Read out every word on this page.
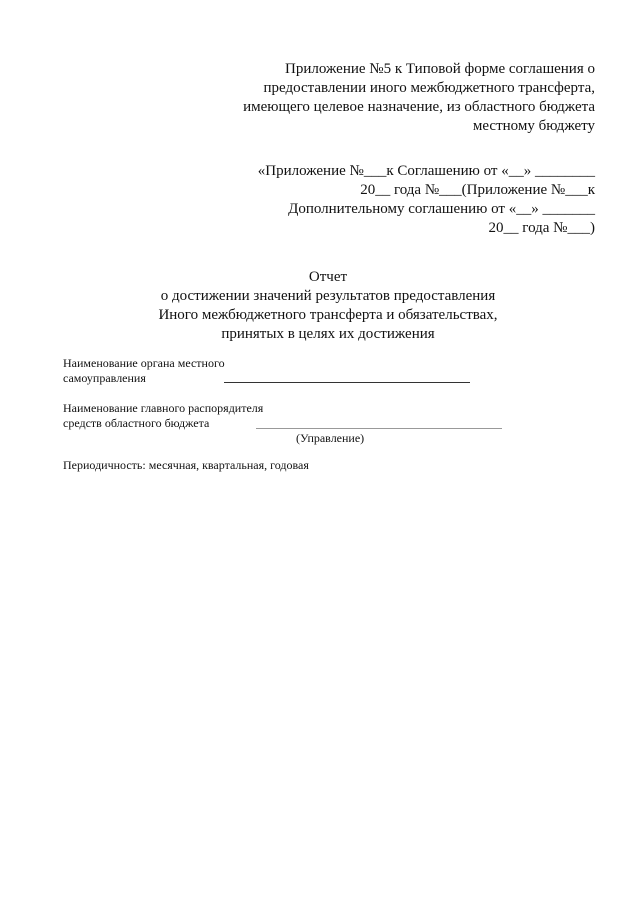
Приложение №5 к Типовой форме соглашения о
предоставлении иного межбюджетного трансферта,
имеющего целевое назначение, из областного бюджета
местному бюджету
«Приложение №___к Соглашению от «__» ________
20__ года №___(Приложение №___к
Дополнительному соглашению от «__» _______
20__ года №___)
Отчет
о достижении значений результатов предоставления
Иного межбюджетного трансферта и обязательствах,
принятых в целях их достижения
Наименование органа местного
самоуправления
Наименование главного распорядителя
средств областного бюджета
(Управление)
Периодичность: месячная, квартальная, годовая
